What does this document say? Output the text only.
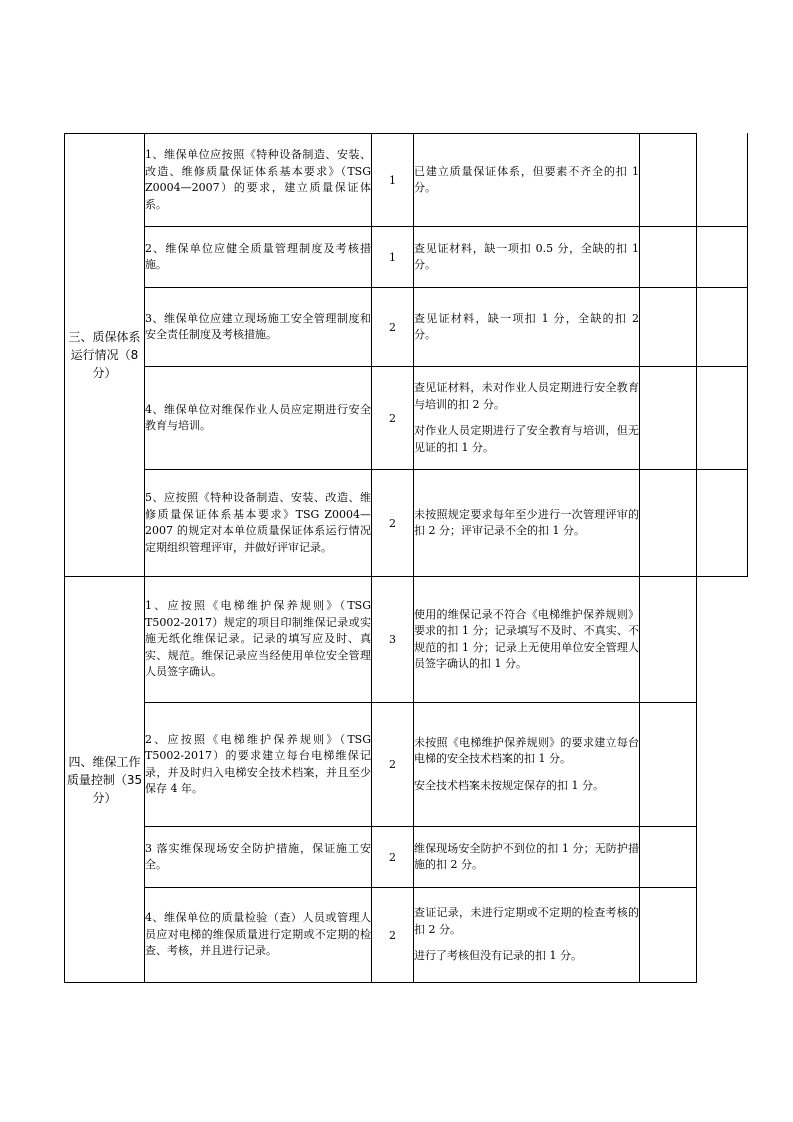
三、质保体系运行情况（8分）	1、维保单位应按照《特种设备制造、安装、改造、维修质量保证体系基本要求》（TSG Z0004—2007）的要求，建立质量保证体系。	1	已建立质量保证体系，但要素不齐全的扣 1 分。	

	2、维保单位应健全质量管理制度及考核措施。	1	查见证材料，缺一项扣 0.5 分，全缺的扣 1 分。	

	3、维保单位应建立现场施工安全管理制度和安全责任制度及考核措施。	2	查见证材料，缺一项扣 1 分，全缺的扣 2 分。	

	4、维保单位对维保作业人员应定期进行安全教育与培训。	2	查见证材料，未对作业人员定期进行安全教育与培训的扣 2 分。

对作业人员定期进行了安全教育与培训，但无见证的扣 1 分。	

	5、应按照《特种设备制造、安装、改造、维修质量保证体系基本要求》TSG Z0004—2007 的规定对本单位质量保证体系运行情况定期组织管理评审，并做好评审记录。	2	未按照规定要求每年至少进行一次管理评审的扣 2 分；评审记录不全的扣 1 分。	

四、维保工作质量控制（35 分）	1、应按照《电梯维护保养规则》（TSG T5002-2017）规定的项目印制维保记录或实施无纸化维保记录。记录的填写应及时、真实、规范。维保记录应当经使用单位安全管理人员签字确认。	3	使用的维保记录不符合《电梯维护保养规则》要求的扣 1 分；记录填写不及时、不真实、不规范的扣 1 分；记录上无使用单位安全管理人员签字确认的扣 1 分。	

	2、应按照《电梯维护保养规则》（TSG T5002-2017）的要求建立每台电梯维保记录，并及时归入电梯安全技术档案，并且至少保存 4 年。	2	未按照《电梯维护保养规则》的要求建立每台电梯的安全技术档案的扣 1 分。

安全技术档案未按规定保存的扣 1 分。	

	3 落实维保现场安全防护措施，保证施工安全。	2	维保现场安全防护不到位的扣 1 分；无防护措施的扣 2 分。	

	4、维保单位的质量检验（查）人员或管理人员应对电梯的维保质量进行定期或不定期的检查、考核，并且进行记录。	2	查证记录，未进行定期或不定期的检查考核的扣 2 分。

进行了考核但没有记录的扣 1 分。	
